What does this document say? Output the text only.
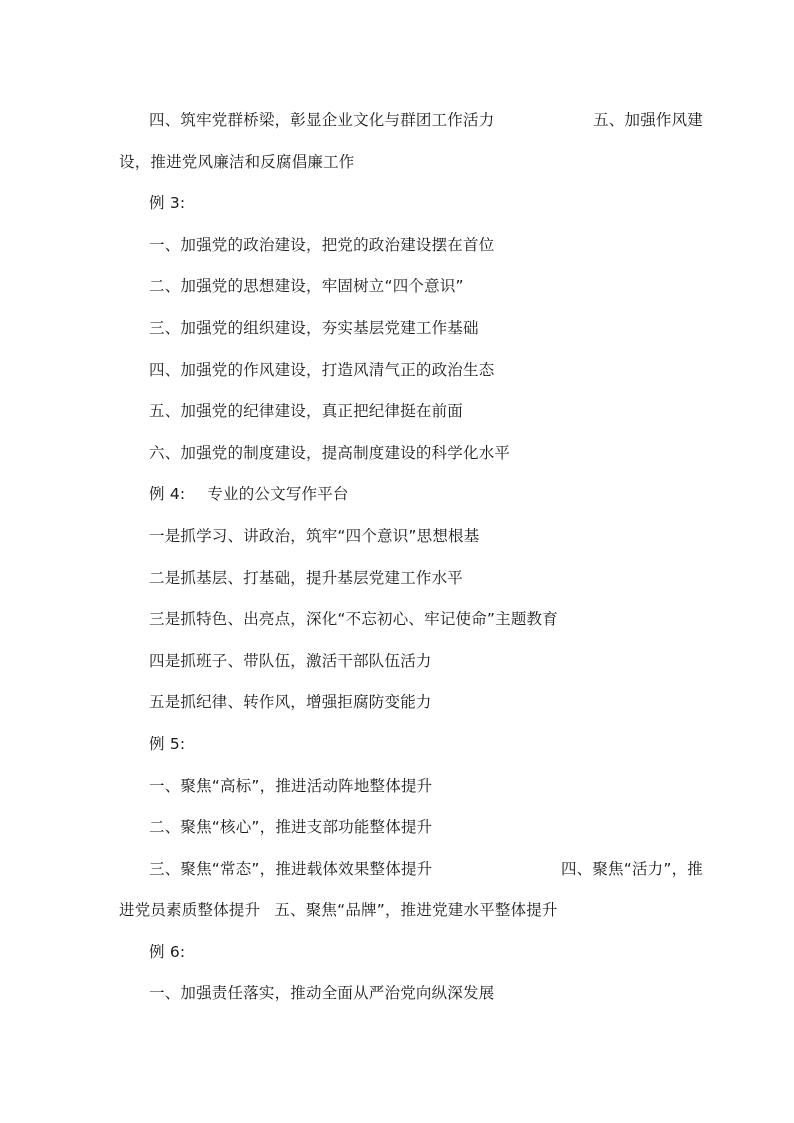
四、筑牢党群桥梁，彰显企业文化与群团工作活力	五、加强作风建
设，推进党风廉洁和反腐倡廉工作
例 3:
一、加强党的政治建设，把党的政治建设摆在首位
二、加强党的思想建设，牢固树立“四个意识”
三、加强党的组织建设，夯实基层党建工作基础
四、加强党的作风建设，打造风清气正的政治生态
五、加强党的纪律建设，真正把纪律挺在前面
六、加强党的制度建设，提高制度建设的科学化水平
例 4: 专业的公文写作平台
一是抓学习、讲政治，筑牢“四个意识”思想根基
二是抓基层、打基础，提升基层党建工作水平
三是抓特色、出亮点，深化“不忘初心、牢记使命”主题教育
四是抓班子、带队伍，激活干部队伍活力
五是抓纪律、转作风，增强拒腐防变能力
例 5:
一、聚焦“高标”，推进活动阵地整体提升
二、聚焦“核心”，推进支部功能整体提升
三、聚焦“常态”，推进载体效果整体提升	四、聚焦“活力”，推
进党员素质整体提升 五、聚焦“品牌”，推进党建水平整体提升
例 6:
一、加强责任落实，推动全面从严治党向纵深发展
